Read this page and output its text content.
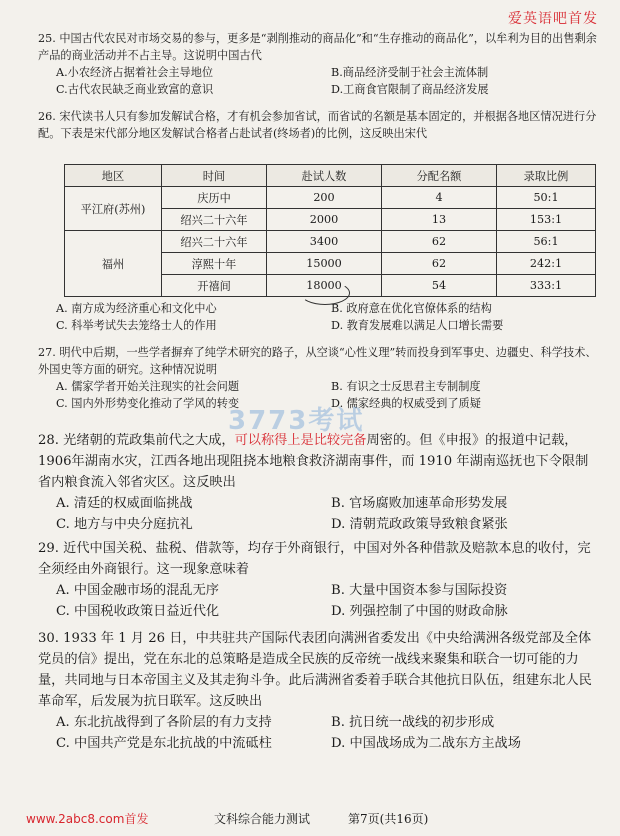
爱英语吧首发
25. 中国古代农民对市场交易的参与，更多是“剥削推动的商品化”和“生存推动的商品化”，以牟利为目的出售剩余产品的商业活动并不占主导。这说明中国古代
A.小农经济占据着社会主导地位	B.商品经济受制于社会主流体制
C.古代农民缺乏商业致富的意识	D.工商食官限制了商品经济发展
26. 宋代读书人只有参加发解试合格，才有机会参加省试，而省试的名额是基本固定的，并根据各地区情况进行分配。下表是宋代部分地区发解试合格者占赴试者(终场者)的比例，这反映出宋代
地区	时间	赴试人数	分配名额	录取比例
平江府(苏州)	庆历中	200	4	50:1
	绍兴二十六年	2000	13	153:1
福州	绍兴二十六年	3400	62	56:1
	淳熙十年	15000	62	242:1
	开禧间	18000	54	333:1
A. 南方成为经济重心和文化中心	B. 政府意在优化官僚体系的结构
C. 科举考试失去笼络士人的作用	D. 教育发展难以满足人口增长需要
27. 明代中后期，一些学者摒弃了纯学术研究的路子，从空谈“心性义理”转而投身到军事史、边疆史、科学技术、外国史等方面的研究。这种情况说明
A. 儒家学者开始关注现实的社会问题	B. 有识之士反思君主专制制度
C. 国内外形势变化推动了学风的转变	D. 儒家经典的权威受到了质疑
3773考试
28. 光绪朝的荒政集前代之大成，可以称得上是比较完备周密的。但《申报》的报道中记载，1906年湖南水灾，江西各地出现阻挠本地粮食救济湖南事件，而 1910 年湖南巡抚也下令限制省内粮食流入邻省灾区。这反映出
A. 清廷的权威面临挑战	B. 官场腐败加速革命形势发展
C. 地方与中央分庭抗礼	D. 清朝荒政政策导致粮食紧张
29. 近代中国关税、盐税、借款等，均存于外商银行，中国对外各种借款及赔款本息的收付，完全须经由外商银行。这一现象意味着
A. 中国金融市场的混乱无序	B. 大量中国资本参与国际投资
C. 中国税收政策日益近代化	D. 列强控制了中国的财政命脉
30. 1933 年 1 月 26 日，中共驻共产国际代表团向满洲省委发出《中央给满洲各级党部及全体党员的信》提出，党在东北的总策略是造成全民族的反帝统一战线来聚集和联合一切可能的力量，共同地与日本帝国主义及其走狗斗争。此后满洲省委着手联合其他抗日队伍，组建东北人民革命军，后发展为抗日联军。这反映出
A. 东北抗战得到了各阶层的有力支持	B. 抗日统一战线的初步形成
C. 中国共产党是东北抗战的中流砥柱	D. 中国战场成为二战东方主战场
www.2abc8.com首发	文科综合能力测试	第7页(共16页)
